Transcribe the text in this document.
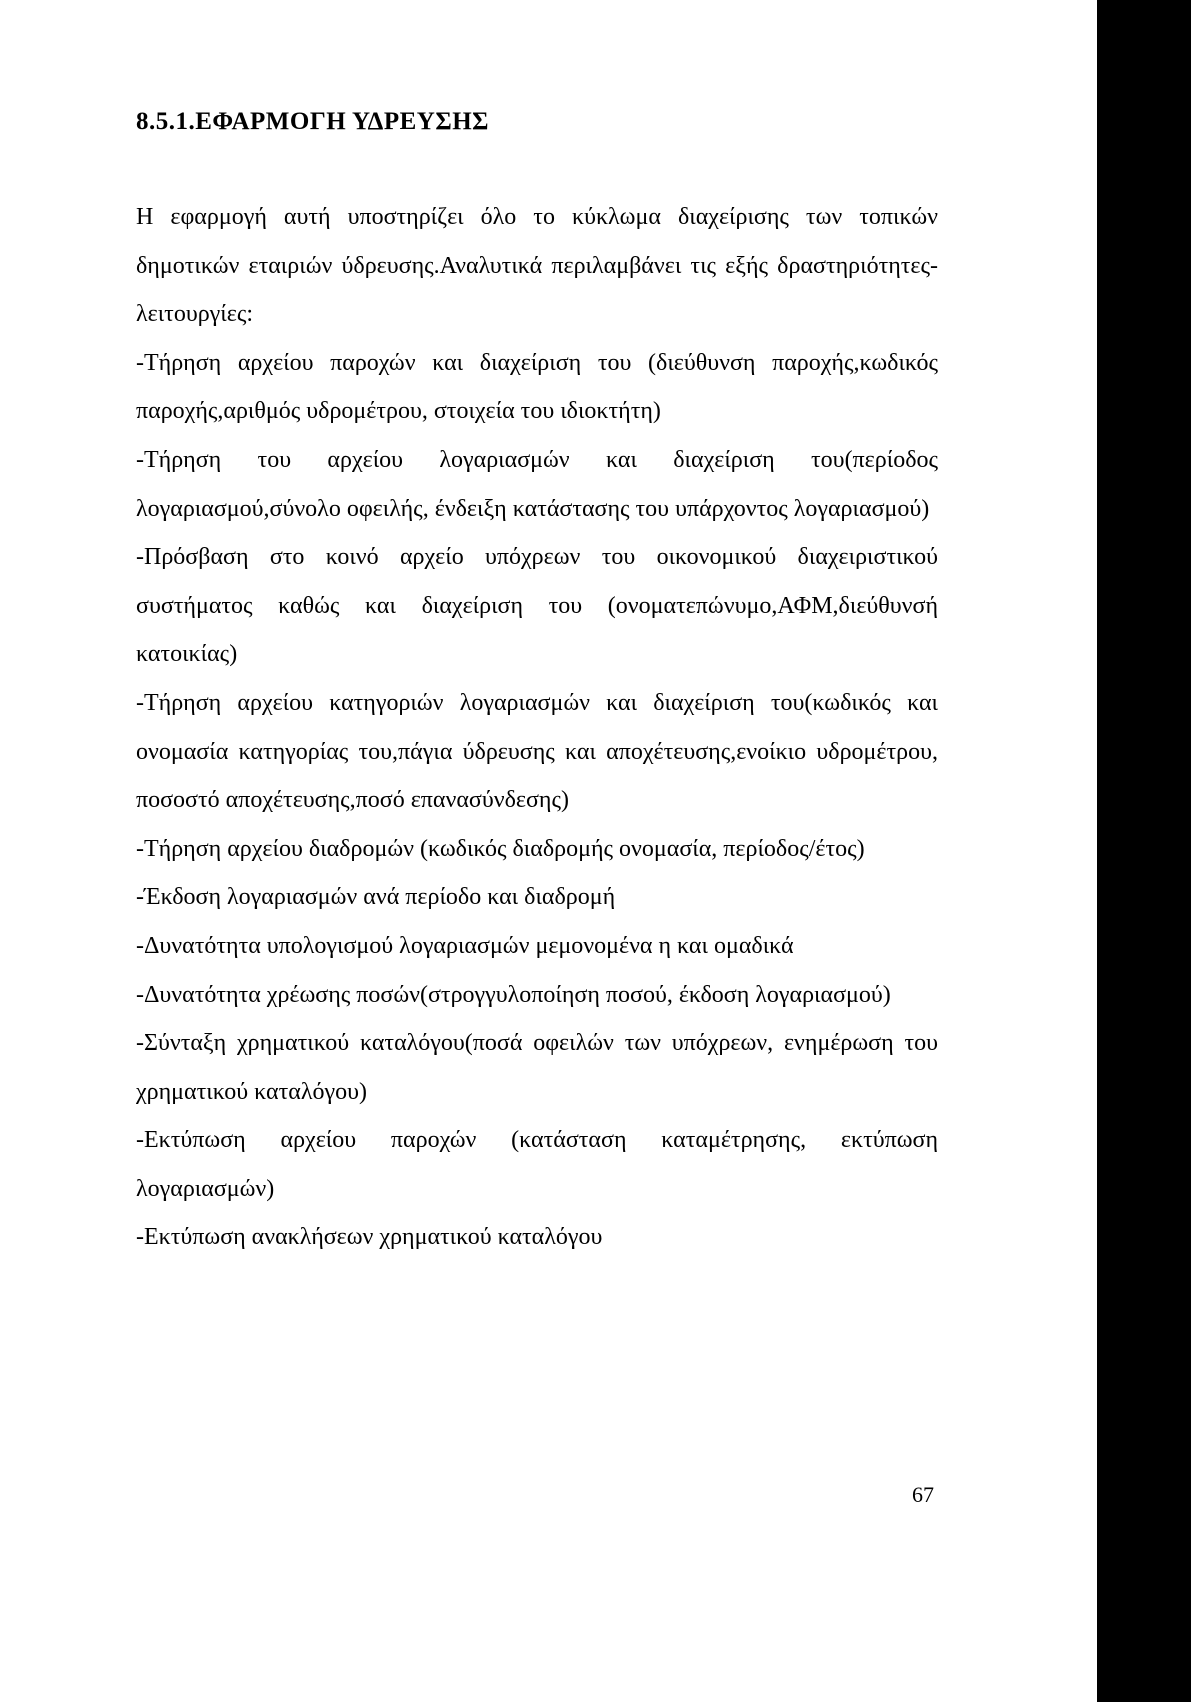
8.5.1.ΕΦΑΡΜΟΓΗ ΥΔΡΕΥΣΗΣ

Η εφαρμογή αυτή υποστηρίζει όλο το κύκλωμα διαχείρισης των τοπικών δημοτικών εταιριών ύδρευσης.Αναλυτικά περιλαμβάνει τις εξής δραστηριότητες-λειτουργίες:

-Τήρηση αρχείου παροχών και διαχείριση του (διεύθυνση παροχής,κωδικός παροχής,αριθμός υδρομέτρου, στοιχεία του ιδιοκτήτη)

-Τήρηση του αρχείου λογαριασμών και διαχείριση του(περίοδος λογαριασμού,σύνολο οφειλής, ένδειξη κατάστασης του υπάρχοντος λογαριασμού)

-Πρόσβαση στο κοινό αρχείο υπόχρεων του οικονομικού διαχειριστικού συστήματος καθώς και διαχείριση του (ονοματεπώνυμο,ΑΦΜ,διεύθυνσή κατοικίας)

-Τήρηση αρχείου κατηγοριών λογαριασμών και διαχείριση του(κωδικός και ονομασία κατηγορίας του,πάγια ύδρευσης και αποχέτευσης,ενοίκιο υδρομέτρου, ποσοστό αποχέτευσης,ποσό επανασύνδεσης)

-Τήρηση αρχείου διαδρομών (κωδικός διαδρομής ονομασία, περίοδος/έτος)

-Έκδοση λογαριασμών ανά περίοδο και διαδρομή

-Δυνατότητα υπολογισμού λογαριασμών μεμονομένα η και ομαδικά

-Δυνατότητα χρέωσης ποσών(στρογγυλοποίηση ποσού, έκδοση λογαριασμού)

-Σύνταξη χρηματικού καταλόγου(ποσά οφειλών των υπόχρεων, ενημέρωση του χρηματικού καταλόγου)

-Εκτύπωση αρχείου παροχών (κατάσταση καταμέτρησης, εκτύπωση λογαριασμών)

-Εκτύπωση ανακλήσεων χρηματικού καταλόγου

67
